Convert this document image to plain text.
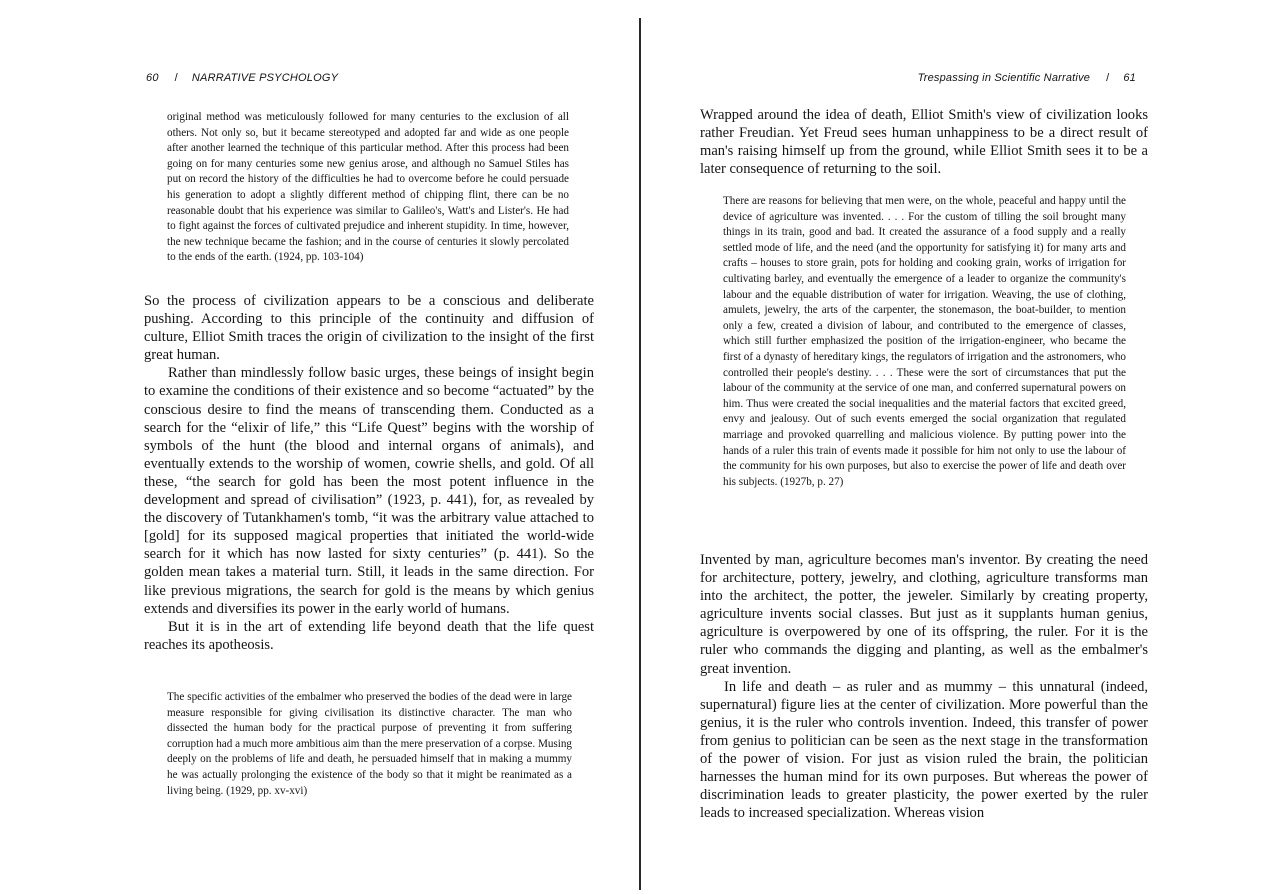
60 / NARRATIVE PSYCHOLOGY

original method was meticulously followed for many centuries to the exclusion of all others. Not only so, but it became stereotyped and adopted far and wide as one people after another learned the technique of this particular method. After this process had been going on for many centuries some new genius arose, and although no Samuel Stiles has put on record the history of the difficulties he had to overcome before he could persuade his generation to adopt a slightly different method of chipping flint, there can be no reasonable doubt that his experience was similar to Galileo's, Watt's and Lister's. He had to fight against the forces of cultivated prejudice and inherent stupidity. In time, however, the new technique became the fashion; and in the course of centuries it slowly percolated to the ends of the earth. (1924, pp. 103-104)

So the process of civilization appears to be a conscious and deliberate pushing. According to this principle of the continuity and diffusion of culture, Elliot Smith traces the origin of civilization to the insight of the first great human.

Rather than mindlessly follow basic urges, these beings of insight begin to examine the conditions of their existence and so become “actuated” by the conscious desire to find the means of transcending them. Conducted as a search for the “elixir of life,” this “Life Quest” begins with the worship of symbols of the hunt (the blood and internal organs of animals), and eventually extends to the worship of women, cowrie shells, and gold. Of all these, “the search for gold has been the most potent influence in the development and spread of civilisation” (1923, p. 441), for, as revealed by the discovery of Tutankhamen's tomb, “it was the arbitrary value attached to [gold] for its supposed magical properties that initiated the world-wide search for it which has now lasted for sixty centuries” (p. 441). So the golden mean takes a material turn. Still, it leads in the same direction. For like previous migrations, the search for gold is the means by which genius extends and diversifies its power in the early world of humans.

But it is in the art of extending life beyond death that the life quest reaches its apotheosis.

The specific activities of the embalmer who preserved the bodies of the dead were in large measure responsible for giving civilisation its distinctive character. The man who dissected the human body for the practical purpose of preventing it from suffering corruption had a much more ambitious aim than the mere preservation of a corpse. Musing deeply on the problems of life and death, he persuaded himself that in making a mummy he was actually prolonging the existence of the body so that it might be reanimated as a living being. (1929, pp. xv-xvi)

Trespassing in Scientific Narrative / 61

Wrapped around the idea of death, Elliot Smith's view of civilization looks rather Freudian. Yet Freud sees human unhappiness to be a direct result of man's raising himself up from the ground, while Elliot Smith sees it to be a later consequence of returning to the soil.

There are reasons for believing that men were, on the whole, peaceful and happy until the device of agriculture was invented. . . . For the custom of tilling the soil brought many things in its train, good and bad. It created the assurance of a food supply and a really settled mode of life, and the need (and the opportunity for satisfying it) for many arts and crafts – houses to store grain, pots for holding and cooking grain, works of irrigation for cultivating barley, and eventually the emergence of a leader to organize the community's labour and the equable distribution of water for irrigation. Weaving, the use of clothing, amulets, jewelry, the arts of the carpenter, the stonemason, the boat-builder, to mention only a few, created a division of labour, and contributed to the emergence of classes, which still further emphasized the position of the irrigation-engineer, who became the first of a dynasty of hereditary kings, the regulators of irrigation and the astronomers, who controlled their people's destiny. . . . These were the sort of circumstances that put the labour of the community at the service of one man, and conferred supernatural powers on him. Thus were created the social inequalities and the material factors that excited greed, envy and jealousy. Out of such events emerged the social organization that regulated marriage and provoked quarrelling and malicious violence. By putting power into the hands of a ruler this train of events made it possible for him not only to use the labour of the community for his own purposes, but also to exercise the power of life and death over his subjects. (1927b, p. 27)

Invented by man, agriculture becomes man's inventor. By creating the need for architecture, pottery, jewelry, and clothing, agriculture transforms man into the architect, the potter, the jeweler. Similarly by creating property, agriculture invents social classes. But just as it supplants human genius, agriculture is overpowered by one of its offspring, the ruler. For it is the ruler who commands the digging and planting, as well as the embalmer's great invention.

In life and death – as ruler and as mummy – this unnatural (indeed, supernatural) figure lies at the center of civilization. More powerful than the genius, it is the ruler who controls invention. Indeed, this transfer of power from genius to politician can be seen as the next stage in the transformation of the power of vision. For just as vision ruled the brain, the politician harnesses the human mind for its own purposes. But whereas the power of discrimination leads to greater plasticity, the power exerted by the ruler leads to increased specialization. Whereas vision
